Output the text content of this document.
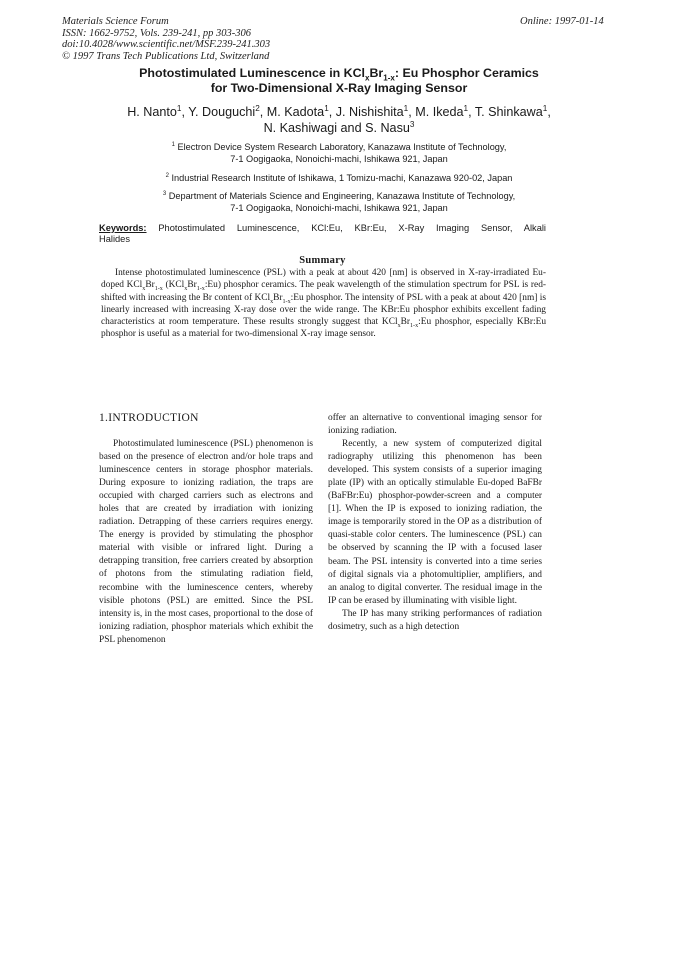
Materials Science Forum
ISSN: 1662-9752, Vols. 239-241, pp 303-306
doi:10.4028/www.scientific.net/MSF.239-241.303
© 1997 Trans Tech Publications Ltd, Switzerland
Online: 1997-01-14
Photostimulated Luminescence in $KCl_xBr_{1-x}$: Eu Phosphor Ceramics
for Two-Dimensional X-Ray Imaging Sensor
H. Nanto$^1$, Y. Douguchi$^2$, M. Kadota$^1$, J. Nishishita$^1$, M. Ikeda$^1$, T. Shinkawa$^1$,
N. Kashiwagi and S. Nasu$^3$
$^1$ Electron Device System Research Laboratory, Kanazawa Institute of Technology,
7-1 Oogigaoka, Nonoichi-machi, Ishikawa 921, Japan
$^2$ Industrial Research Institute of Ishikawa, 1 Tomizu-machi, Kanazawa 920-02, Japan
$^3$ Department of Materials Science and Engineering, Kanazawa Institute of Technology,
7-1 Oogigaoka, Nonoichi-machi, Ishikawa 921, Japan
Keywords: Photostimulated Luminescence, KCl:Eu, KBr:Eu, X-Ray Imaging Sensor, Alkali
Halides
Summary
Intense photostimulated luminescence (PSL) with a peak at about 420 [nm] is observed in X-ray-irradiated Eu-doped $KCl_xBr_{1-x}$ $(KCl_xBr_{1-x}:Eu)$ phosphor ceramics. The peak wavelength of the stimulation spectrum for PSL is red-shifted with increasing the Br content of $KCl_xBr_{1-x}:Eu$ phosphor. The intensity of PSL with a peak at about 420 [nm] is linearly increased with increasing X-ray dose over the wide range. The KBr:Eu phosphor exhibits excellent fading characteristics at room temperature. These results strongly suggest that $KCl_xBr_{1-x}:Eu$ phosphor, especially KBr:Eu phosphor is useful as a material for two-dimensional X-ray image sensor.
1.INTRODUCTION

Photostimulated luminescence (PSL) phenomenon is based on the presence of electron and/or hole traps and luminescence centers in storage phosphor materials. During exposure to ionizing radiation, the traps are occupied with charged carriers such as electrons and holes that are created by irradiation with ionizing radiation. Detrapping of these carriers requires energy. The energy is provided by stimulating the phosphor material with visible or infrared light. During a detrapping transition, free carriers created by absorption of photons from the stimulating radiation field, recombine with the luminescence centers, whereby visible photons (PSL) are emitted. Since the PSL intensity is, in the most cases, proportional to the dose of ionizing radiation, phosphor materials which exhibit the PSL phenomenon

offer an alternative to conventional imaging sensor for ionizing radiation.

Recently, a new system of computerized digital radiography utilizing this phenomenon has been developed. This system consists of a superior imaging plate (IP) with an optically stimulable Eu-doped BaFBr (BaFBr:Eu) phosphor-powder-screen and a computer [1]. When the IP is exposed to ionizing radiation, the image is temporarily stored in the OP as a distribution of quasi-stable color centers. The luminescence (PSL) can be observed by scanning the IP with a focused laser beam. The PSL intensity is converted into a time series of digital signals via a photomultiplier, amplifiers, and an analog to digital converter. The residual image in the IP can be erased by illuminating with visible light.

The IP has many striking performances of radiation dosimetry, such as a high detection
